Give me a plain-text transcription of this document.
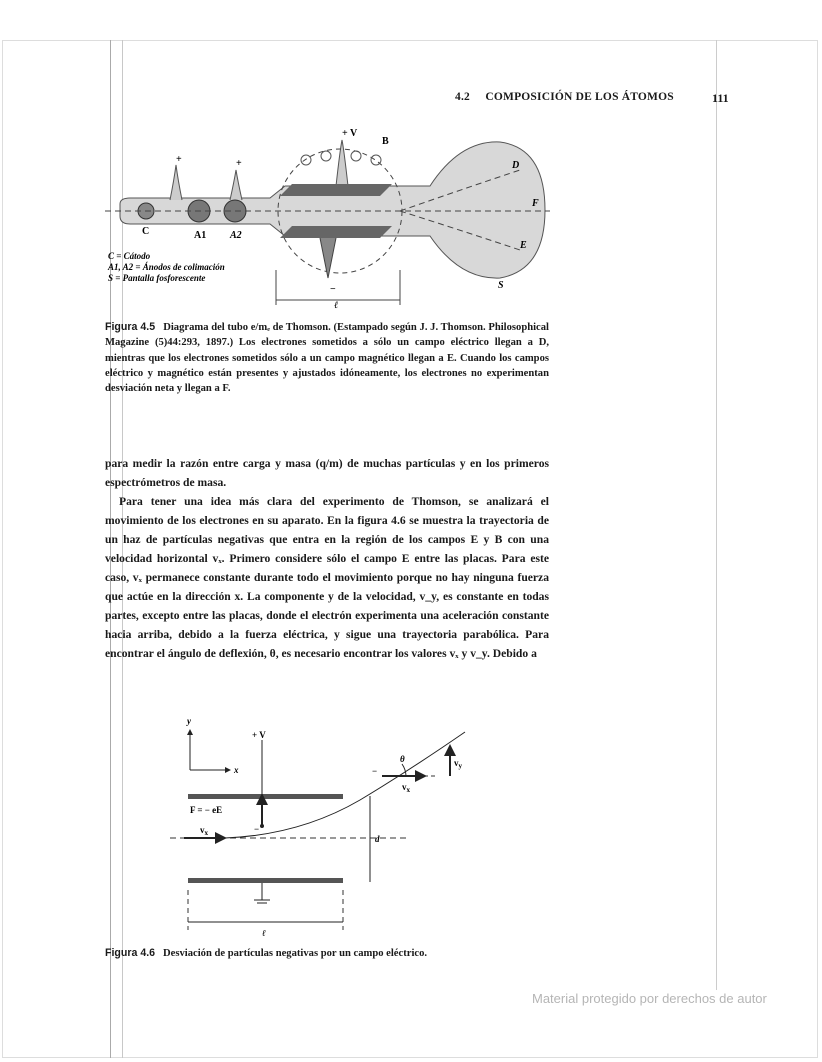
4.2 COMPOSICIÓN DE LOS ÁTOMOS	111
+ V
B
+	+
−
D
F
E
S
C	A1 A2
ℓ
C = Cátodo
A1, A2 = Ánodos de colimación
S = Pantalla fosforescente
Figura 4.5 Diagrama del tubo e/mₑ de Thomson. (Estampado según J. J. Thomson. Philosophical Magazine (5)44:293, 1897.) Los electrones sometidos a sólo un campo eléctrico llegan a D, mientras que los electrones sometidos sólo a un campo magnético llegan a E. Cuando los campos eléctrico y magnético están presentes y ajustados idóneamente, los electrones no experimentan desviación neta y llegan a F.

para medir la razón entre carga y masa (q/m) de muchas partículas y en los primeros espectrómetros de masa.

Para tener una idea más clara del experimento de Thomson, se analizará el movimiento de los electrones en su aparato. En la figura 4.6 se muestra la trayectoria de un haz de partículas negativas que entra en la región de los campos E y B con una velocidad horizontal vₓ. Primero considere sólo el campo E entre las placas. Para este caso, vₓ permanece constante durante todo el movimiento porque no hay ninguna fuerza que actúe en la dirección x. La componente y de la velocidad, v_y, es constante en todas partes, excepto entre las placas, donde el electrón experimenta una aceleración constante hacia arriba, debido a la fuerza eléctrica, y sigue una trayectoria parabólica. Para encontrar el ángulo de deflexión, θ, es necesario encontrar los valores vₓ y v_y. Debido a

y
x
+ V
θ	$v_y$
$v_x$
F = − eE
$v_x$
d
ℓ
−
−
Figura 4.6 Desviación de partículas negativas por un campo eléctrico.
Material protegido por derechos de autor
